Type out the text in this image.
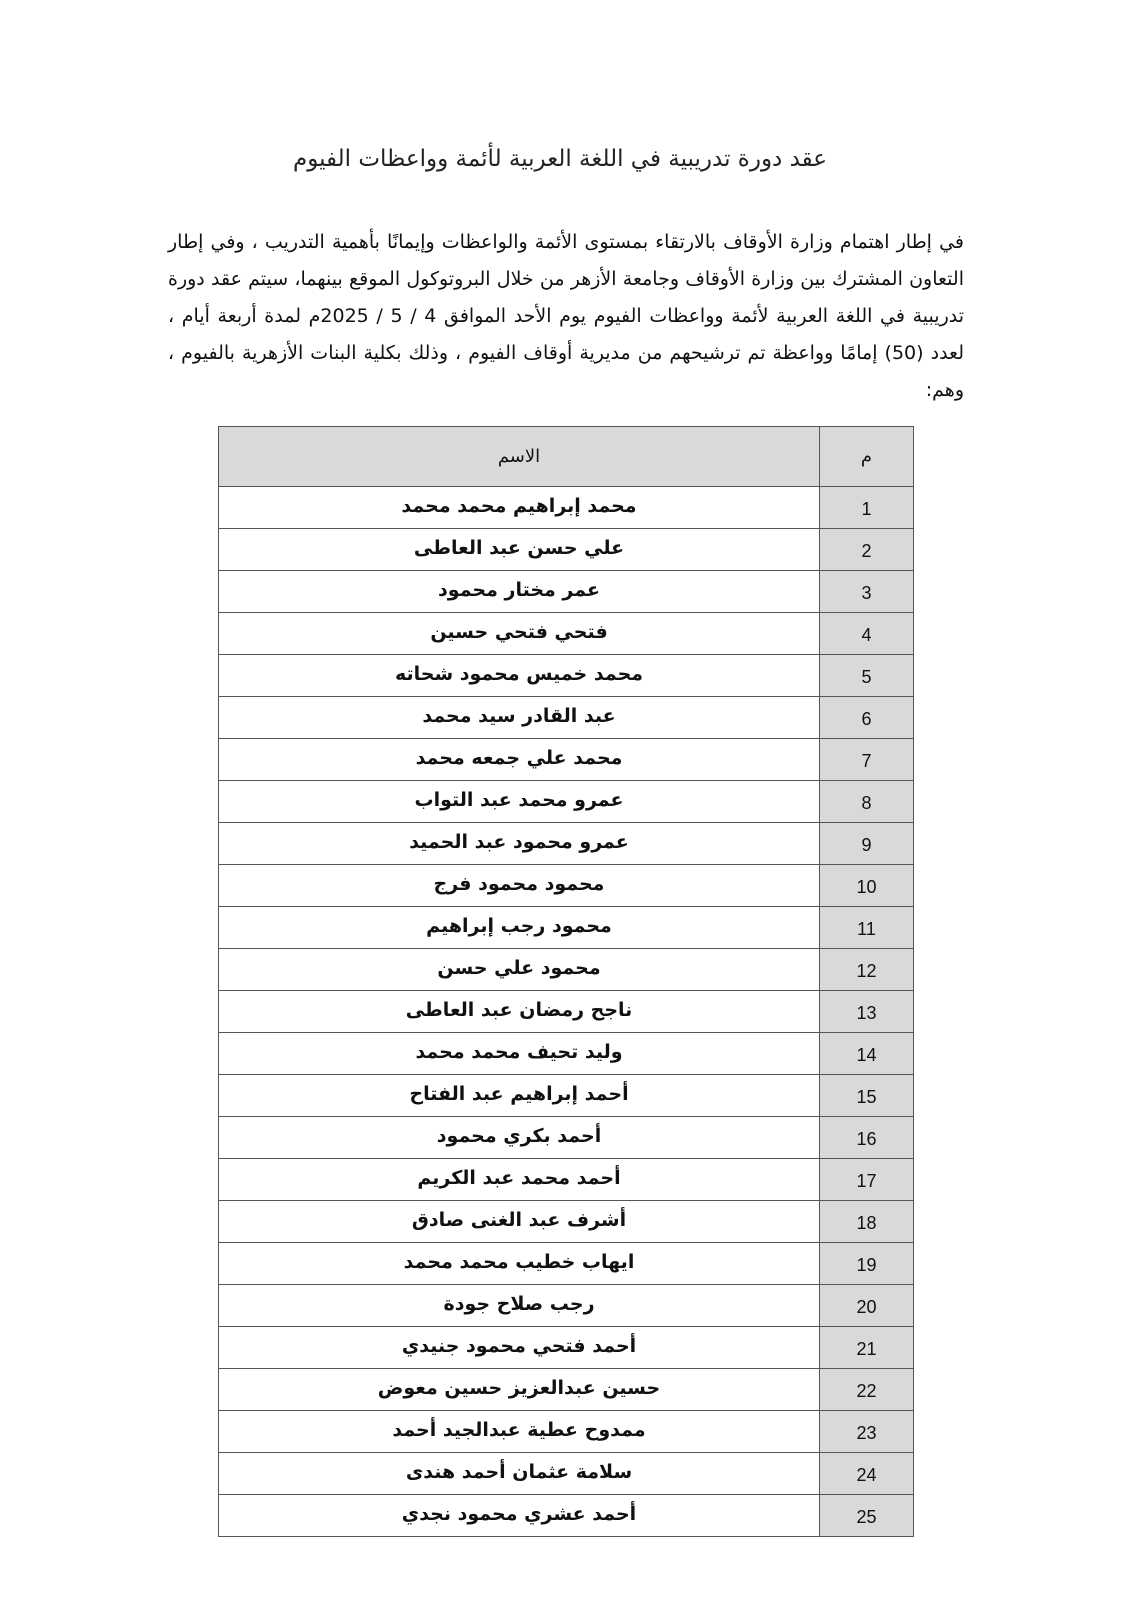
عقد دورة تدريبية في اللغة العربية لأئمة وواعظات الفيوم

في إطار اهتمام وزارة الأوقاف بالارتقاء بمستوى الأئمة والواعظات وإيمانًا بأهمية التدريب ، وفي إطار التعاون المشترك بين وزارة الأوقاف وجامعة الأزهر من خلال البروتوكول الموقع بينهما، سيتم عقد دورة تدريبية في اللغة العربية لأئمة وواعظات الفيوم يوم الأحد الموافق 4 / 5 / 2025م لمدة أربعة أيام ، لعدد (50) إمامًا وواعظة تم ترشيحهم من مديرية أوقاف الفيوم ، وذلك بكلية البنات الأزهرية بالفيوم ، وهم:

م	الاسم
1	محمد إبراهيم محمد محمد
2	علي حسن عبد العاطى
3	عمر مختار محمود
4	فتحي فتحي حسين
5	محمد خميس محمود شحاته
6	عبد القادر سيد محمد
7	محمد علي جمعه محمد
8	عمرو محمد عبد التواب
9	عمرو محمود عبد الحميد
10	محمود محمود فرج
11	محمود رجب إبراهيم
12	محمود علي حسن
13	ناجح رمضان عبد العاطى
14	وليد تحيف محمد محمد
15	أحمد إبراهيم عبد الفتاح
16	أحمد بكري محمود
17	أحمد محمد عبد الكريم
18	أشرف عبد الغنى صادق
19	ايهاب خطيب محمد محمد
20	رجب صلاح جودة
21	أحمد فتحي محمود جنيدي
22	حسين عبدالعزيز حسين معوض
23	ممدوح عطية عبدالجيد أحمد
24	سلامة عثمان أحمد هندى
25	أحمد عشري محمود نجدي
